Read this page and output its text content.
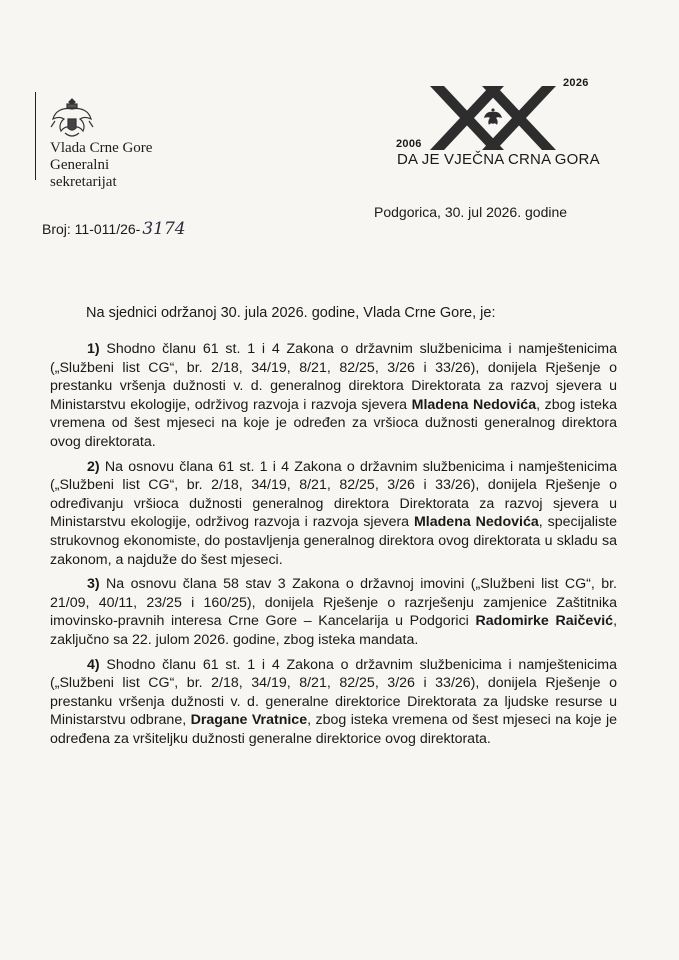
Vlada Crne Gore
Generalni
sekretarijat
2006
2026
DA JE VJEČNA CRNA GORA
Broj: 11-011/26- 3174
Podgorica, 30. jul 2026. godine
Na sjednici održanoj 30. jula 2026. godine, Vlada Crne Gore, je:

1) Shodno članu 61 st. 1 i 4 Zakona o državnim službenicima i namještenicima („Službeni list CG“, br. 2/18, 34/19, 8/21, 82/25, 3/26 i 33/26), donijela Rješenje o prestanku vršenja dužnosti v. d. generalnog direktora Direktorata za razvoj sjevera u Ministarstvu ekologije, održivog razvoja i razvoja sjevera Mladena Nedovića, zbog isteka vremena od šest mjeseci na koje je određen za vršioca dužnosti generalnog direktora ovog direktorata.

2) Na osnovu člana 61 st. 1 i 4 Zakona o državnim službenicima i namještenicima („Službeni list CG“, br. 2/18, 34/19, 8/21, 82/25, 3/26 i 33/26), donijela Rješenje o određivanju vršioca dužnosti generalnog direktora Direktorata za razvoj sjevera u Ministarstvu ekologije, održivog razvoja i razvoja sjevera Mladena Nedovića, specijaliste strukovnog ekonomiste, do postavljenja generalnog direktora ovog direktorata u skladu sa zakonom, a najduže do šest mjeseci.

3) Na osnovu člana 58 stav 3 Zakona o državnoj imovini („Službeni list CG“, br. 21/09, 40/11, 23/25 i 160/25), donijela Rješenje o razrješenju zamjenice Zaštitnika imovinsko-pravnih interesa Crne Gore – Kancelarija u Podgorici Radomirke Raičević, zaključno sa 22. julom 2026. godine, zbog isteka mandata.

4) Shodno članu 61 st. 1 i 4 Zakona o državnim službenicima i namještenicima („Službeni list CG“, br. 2/18, 34/19, 8/21, 82/25, 3/26 i 33/26), donijela Rješenje o prestanku vršenja dužnosti v. d. generalne direktorice Direktorata za ljudske resurse u Ministarstvu odbrane, Dragane Vratnice, zbog isteka vremena od šest mjeseci na koje je određena za vršiteljku dužnosti generalne direktorice ovog direktorata.
